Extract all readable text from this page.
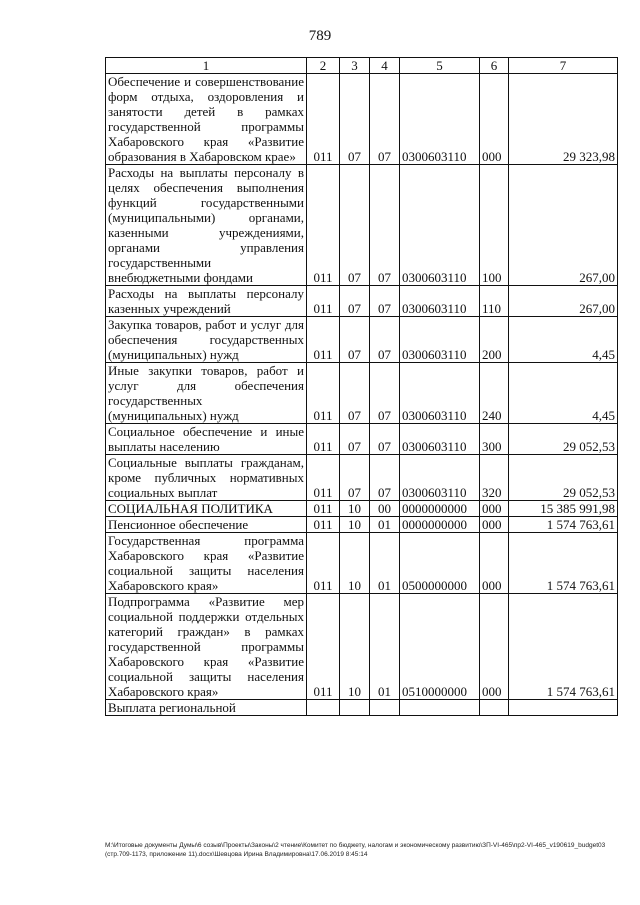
789
1	2	3	4	5	6	7

Обеспечение и совершенствование форм отдыха, оздоровления и занятости детей в рамках государственной программы Хабаровского края «Развитие образования в Хабаровском крае»	011	07	07	0300603110	000	29 323,98

Расходы на выплаты персоналу в целях обеспечения выполнения функций государственными (муниципальными) органами, казенными учреждениями, органами управления государственными внебюджетными фондами	011	07	07	0300603110	100	267,00

Расходы на выплаты персоналу казенных учреждений	011	07	07	0300603110	110	267,00

Закупка товаров, работ и услуг для обеспечения государственных (муниципальных) нужд	011	07	07	0300603110	200	4,45

Иные закупки товаров, работ и услуг для обеспечения государственных (муниципальных) нужд	011	07	07	0300603110	240	4,45

Социальное обеспечение и иные выплаты населению	011	07	07	0300603110	300	29 052,53

Социальные выплаты гражданам, кроме публичных нормативных социальных выплат	011	07	07	0300603110	320	29 052,53

СОЦИАЛЬНАЯ ПОЛИТИКА	011	10	00	0000000000	000	15 385 991,98

Пенсионное обеспечение	011	10	01	0000000000	000	1 574 763,61

Государственная программа Хабаровского края «Развитие социальной защиты населения Хабаровского края»	011	10	01	0500000000	000	1 574 763,61

Подпрограмма «Развитие мер социальной поддержки отдельных категорий граждан» в рамках государственной программы Хабаровского края «Развитие социальной защиты населения Хабаровского края»	011	10	01	0510000000	000	1 574 763,61

Выплата региональной						

M:\Итоговые документы Думы\6 созыв\Проекты\Законы\2 чтение\Комитет по бюджету, налогам и экономическому развитию\ЗП-VI-465\пр2-VI-465_v190619_budget03 (стр.709-1173, приложение 11).docx\Шевцова Ирина Владимировна\17.06.2019 8:45:14
